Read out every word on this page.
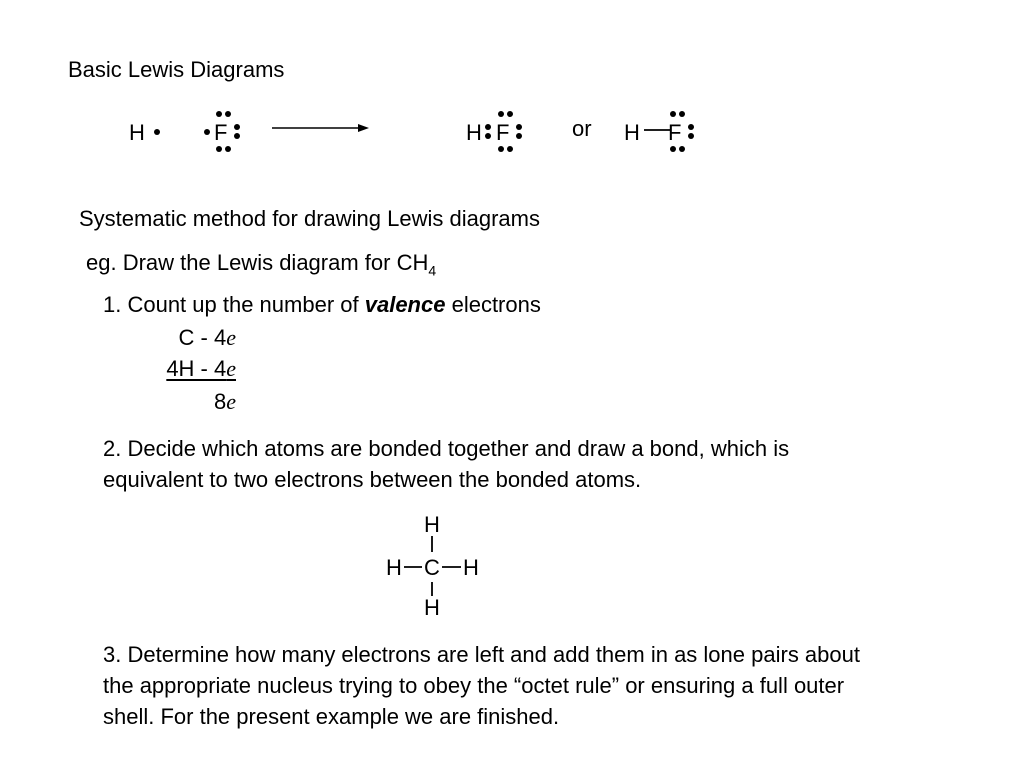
Basic Lewis Diagrams
H	F	H F	or H F
Systematic method for drawing Lewis diagrams
eg. Draw the Lewis diagram for $CH_4$
1. Count up the number of valence electrons
C - 4e
4H - 4e
8e
2. Decide which atoms are bonded together and draw a bond, which is
equivalent to two electrons between the bonded atoms.
H
H C H
H
3. Determine how many electrons are left and add them in as lone pairs about
the appropriate nucleus trying to obey the “octet rule” or ensuring a full outer
shell. For the present example we are finished.
